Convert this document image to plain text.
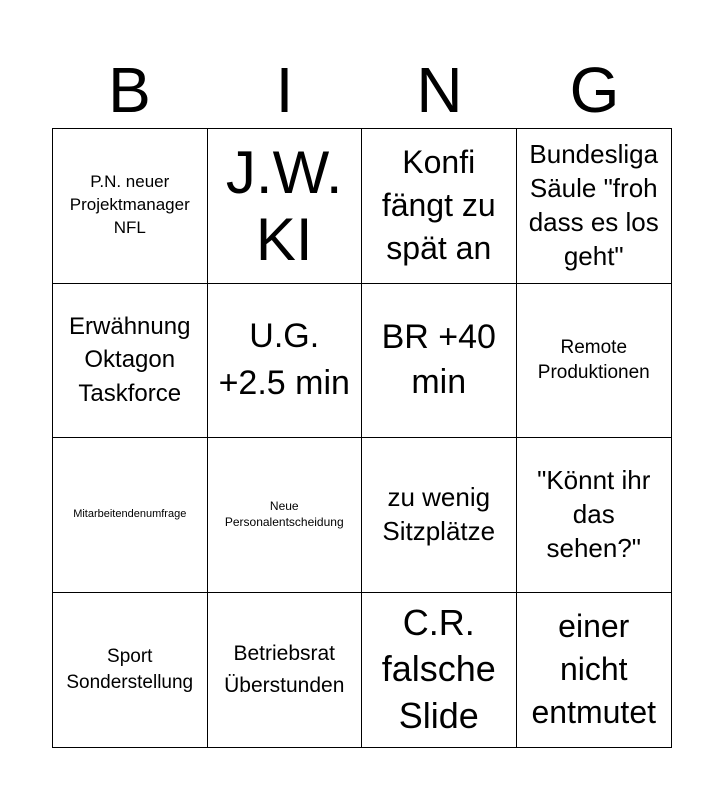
B	I	N	G
P.N. neuer Projektmanager NFL
J.W. KI
Konfi fängt zu spät an
Bundesliga Säule "froh dass es los geht"
Erwähnung Oktagon Taskforce
U.G. +2.5 min
BR +40 min
Remote Produktionen
Mitarbeitendenumfrage
Neue Personalentscheidung
zu wenig Sitzplätze
"Könnt ihr das sehen?"
Sport Sonderstellung
Betriebsrat Überstunden
C.R. falsche Slide
einer nicht entmutet
